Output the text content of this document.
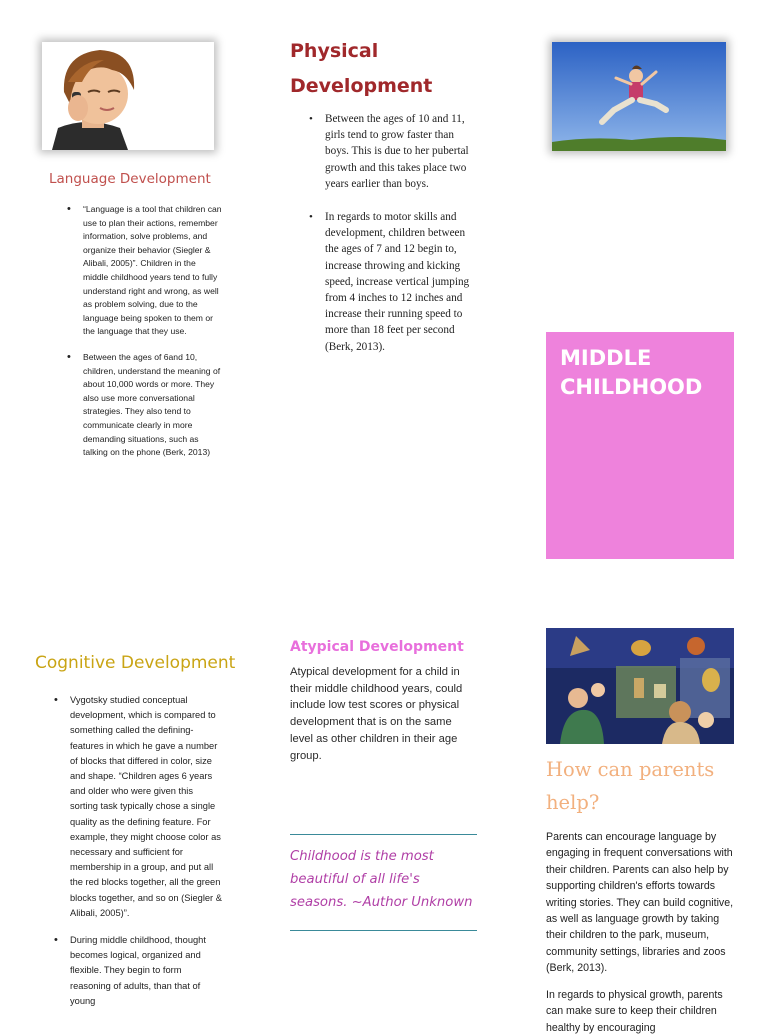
Language Development
• “Language is a tool that children can use to plan their actions, remember information, solve problems, and organize their behavior (Siegler & Alibali, 2005)”. Children in the middle childhood years tend to fully understand right and wrong, as well as problem solving, due to the language being spoken to them or the language that they use.
• Between the ages of 6and 10, children, understand the meaning of about 10,000 words or more. They also use more conversational strategies. They also tend to communicate clearly in more demanding situations, such as talking on the phone (Berk, 2013)
Physical Development
• Between the ages of 10 and 11, girls tend to grow faster than boys. This is due to her pubertal growth and this takes place two years earlier than boys.
• In regards to motor skills and development, children between the ages of 7 and 12 begin to, increase throwing and kicking speed, increase vertical jumping from 4 inches to 12 inches and increase their running speed to more than 18 feet per second (Berk, 2013).	MIDDLE CHILDHOOD
Cognitive Development
• Vygotsky studied conceptual development, which is compared to something called the defining-features in which he gave a number of blocks that differed in color, size and shape. “Children ages 6 years and older who were given this sorting task typically chose a single quality as the defining feature. For example, they might choose color as necessary and sufficient for membership in a group, and put all the red blocks together, all the green blocks together, and so on (Siegler & Alibali, 2005)”.
• During middle childhood, thought becomes logical, organized and flexible. They begin to form reasoning of adults, than that of young
Atypical Development
Atypical development for a child in their middle childhood years, could include low test scores or physical development that is on the same level as other children in their age group.
Childhood is the most beautiful of all life's seasons. ~Author Unknown
How can parents help?
Parents can encourage language by engaging in frequent conversations with their children. Parents can also help by supporting children's efforts towards writing stories. They can build cognitive, as well as language growth by taking their children to the park, museum, community settings, libraries and zoos (Berk, 2013).
In regards to physical growth, parents can make sure to keep their children healthy by encouraging
